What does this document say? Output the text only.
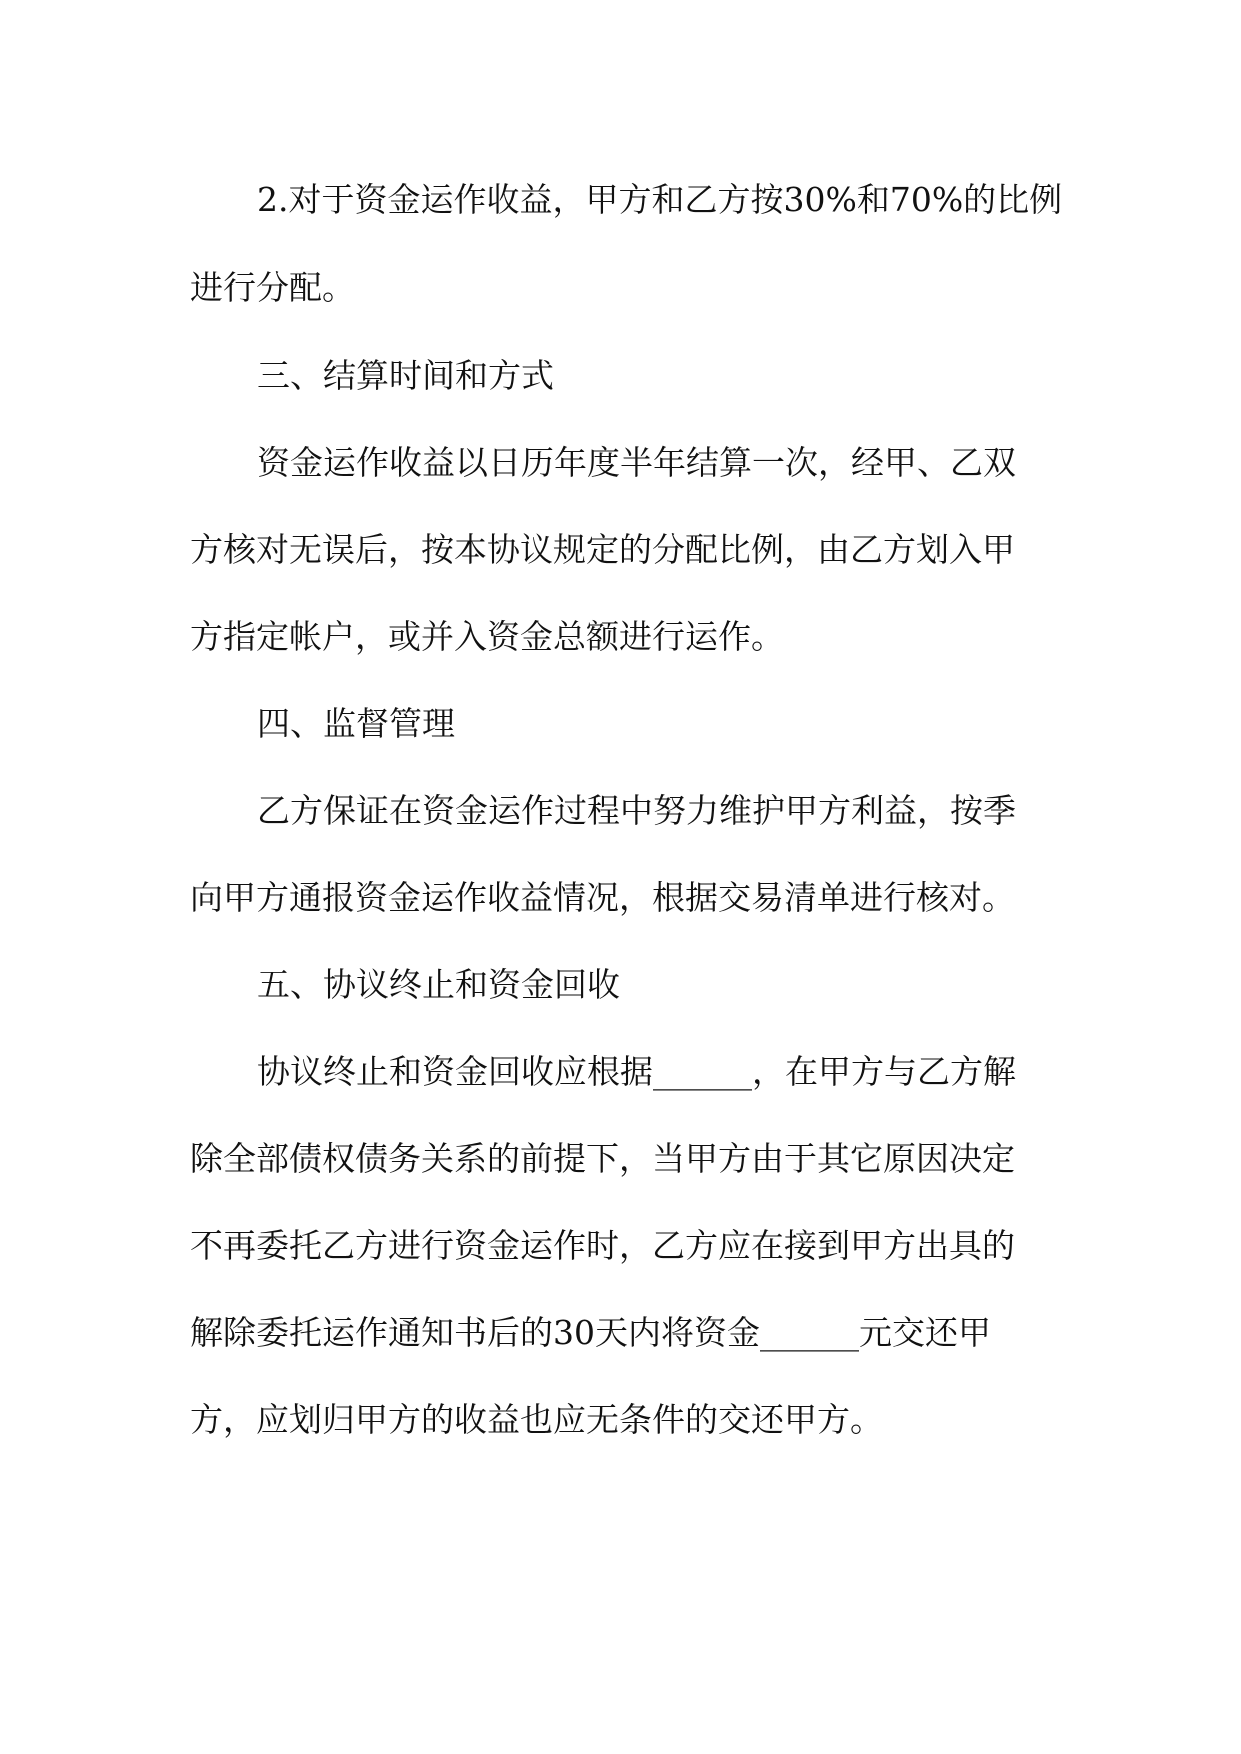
2.对于资金运作收益，甲方和乙方按30%和70%的比例
进行分配。
三、结算时间和方式
资金运作收益以日历年度半年结算一次，经甲、乙双
方核对无误后，按本协议规定的分配比例，由乙方划入甲
方指定帐户，或并入资金总额进行运作。
四、监督管理
乙方保证在资金运作过程中努力维护甲方利益，按季
向甲方通报资金运作收益情况，根据交易清单进行核对。
五、协议终止和资金回收
协议终止和资金回收应根据______，在甲方与乙方解
除全部债权债务关系的前提下，当甲方由于其它原因决定
不再委托乙方进行资金运作时，乙方应在接到甲方出具的
解除委托运作通知书后的30天内将资金______元交还甲
方，应划归甲方的收益也应无条件的交还甲方。
